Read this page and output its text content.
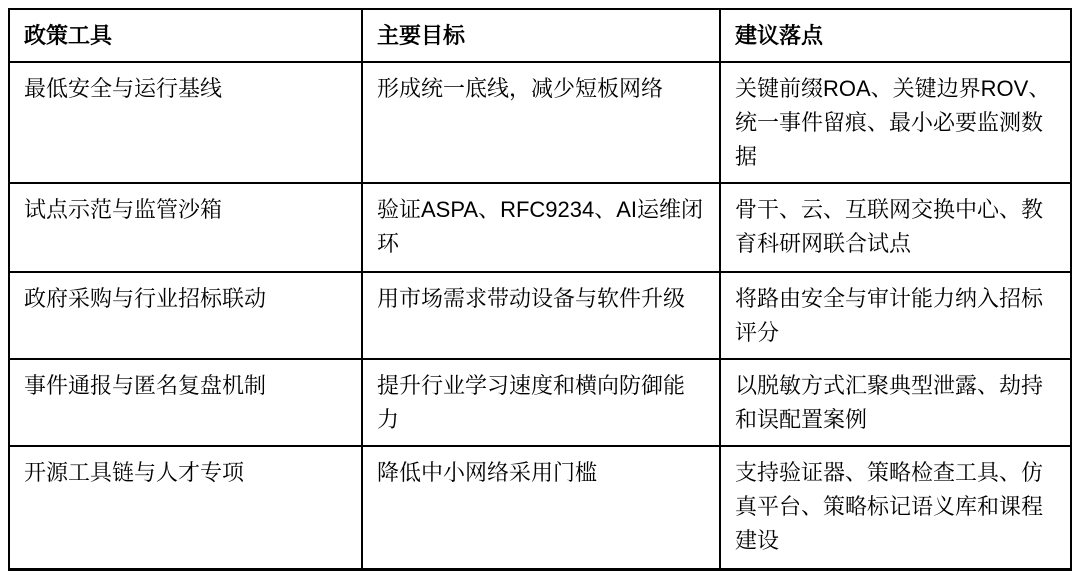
政策工具	主要目标	建议落点
最低安全与运行基线	形成统一底线，减少短板网络	关键前缀ROA、关键边界ROV、统一事件留痕、最小必要监测数据
试点示范与监管沙箱	验证ASPA、RFC9234、AI运维闭环	骨干、云、互联网交换中心、教育科研网联合试点
政府采购与行业招标联动	用市场需求带动设备与软件升级	将路由安全与审计能力纳入招标评分
事件通报与匿名复盘机制	提升行业学习速度和横向防御能力	以脱敏方式汇聚典型泄露、劫持和误配置案例
开源工具链与人才专项	降低中小网络采用门槛	支持验证器、策略检查工具、仿真平台、策略标记语义库和课程建设
